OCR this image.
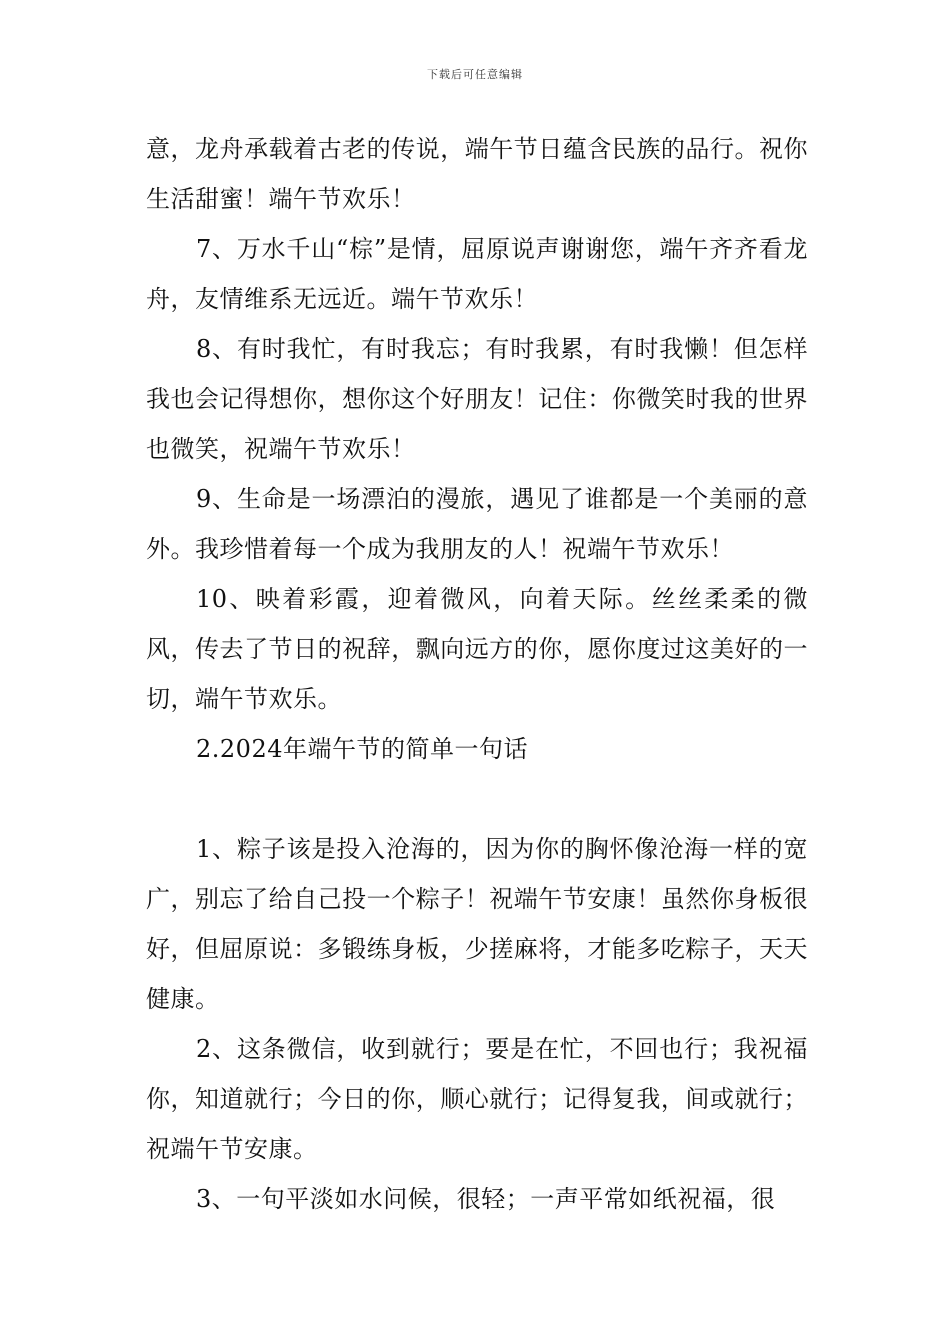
下载后可任意编辑

意，龙舟承载着古老的传说，端午节日蕴含民族的品行。祝你生活甜蜜！端午节欢乐！

7、万水千山“棕”是情，屈原说声谢谢您，端午齐齐看龙舟，友情维系无远近。端午节欢乐！

8、有时我忙，有时我忘；有时我累，有时我懒！但怎样我也会记得想你，想你这个好朋友！记住：你微笑时我的世界也微笑，祝端午节欢乐！

9、生命是一场漂泊的漫旅，遇见了谁都是一个美丽的意外。我珍惜着每一个成为我朋友的人！祝端午节欢乐！

10、映着彩霞，迎着微风，向着天际。丝丝柔柔的微风，传去了节日的祝辞，飘向远方的你，愿你度过这美好的一切，端午节欢乐。

2.2024年端午节的简单一句话

1、粽子该是投入沧海的，因为你的胸怀像沧海一样的宽广，别忘了给自己投一个粽子！祝端午节安康！虽然你身板很好，但屈原说：多锻练身板，少搓麻将，才能多吃粽子，天天健康。

2、这条微信，收到就行；要是在忙，不回也行；我祝福你，知道就行；今日的你，顺心就行；记得复我，间或就行；祝端午节安康。

3、一句平淡如水问候，很轻；一声平常如纸祝福，很
